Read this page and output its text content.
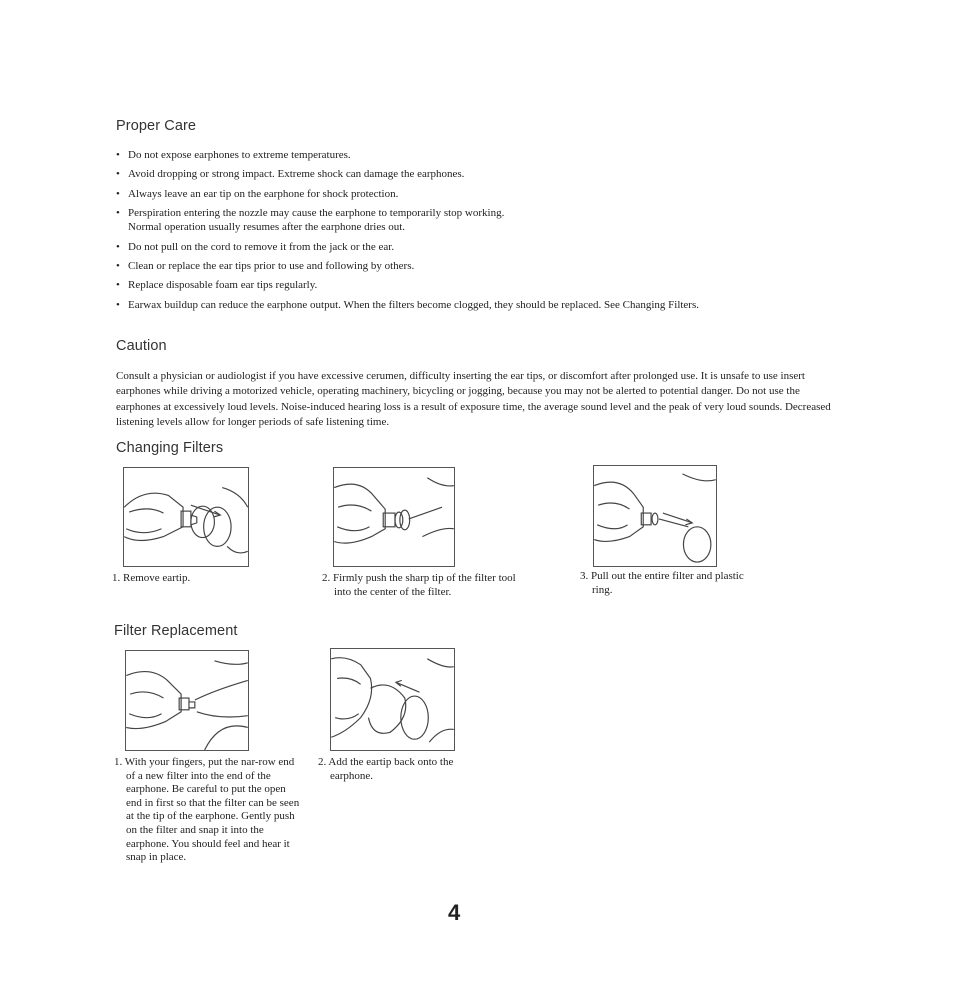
Proper Care
• Do not expose earphones to extreme temperatures.
• Avoid dropping or strong impact. Extreme shock can damage the earphones.
• Always leave an ear tip on the earphone for shock protection.
• Perspiration entering the nozzle may cause the earphone to temporarily stop working. Normal operation usually resumes after the earphone dries out.
• Do not pull on the cord to remove it from the jack or the ear.
• Clean or replace the ear tips prior to use and following by others.
• Replace disposable foam ear tips regularly.
• Earwax buildup can reduce the earphone output. When the filters become clogged, they should be replaced. See Changing Filters.
Caution

Consult a physician or audiologist if you have excessive cerumen, difficulty inserting the ear tips, or discomfort after prolonged use. It is unsafe to use insert earphones while driving a motorized vehicle, operating machinery, bicycling or jogging, because you may not be alerted to potential danger. Do not use the earphones at excessively loud levels. Noise-induced hearing loss is a result of exposure time, the average sound level and the peak of very loud sounds. Decreased listening levels allow for longer periods of safe listening time.

Changing Filters
1. Remove eartip.	2. Firmly push the sharp tip of the filter tool into the center of the filter.
3. Pull out the entire filter and plastic ring.
Filter Replacement
1. With your fingers, put the nar-row end of a new filter into the end of the earphone. Be careful to put the open end in first so that the filter can be seen at the tip of the earphone. Gently push on the filter and snap it into the earphone. You should feel and hear it snap in place.
2. Add the eartip back onto the earphone.
4
